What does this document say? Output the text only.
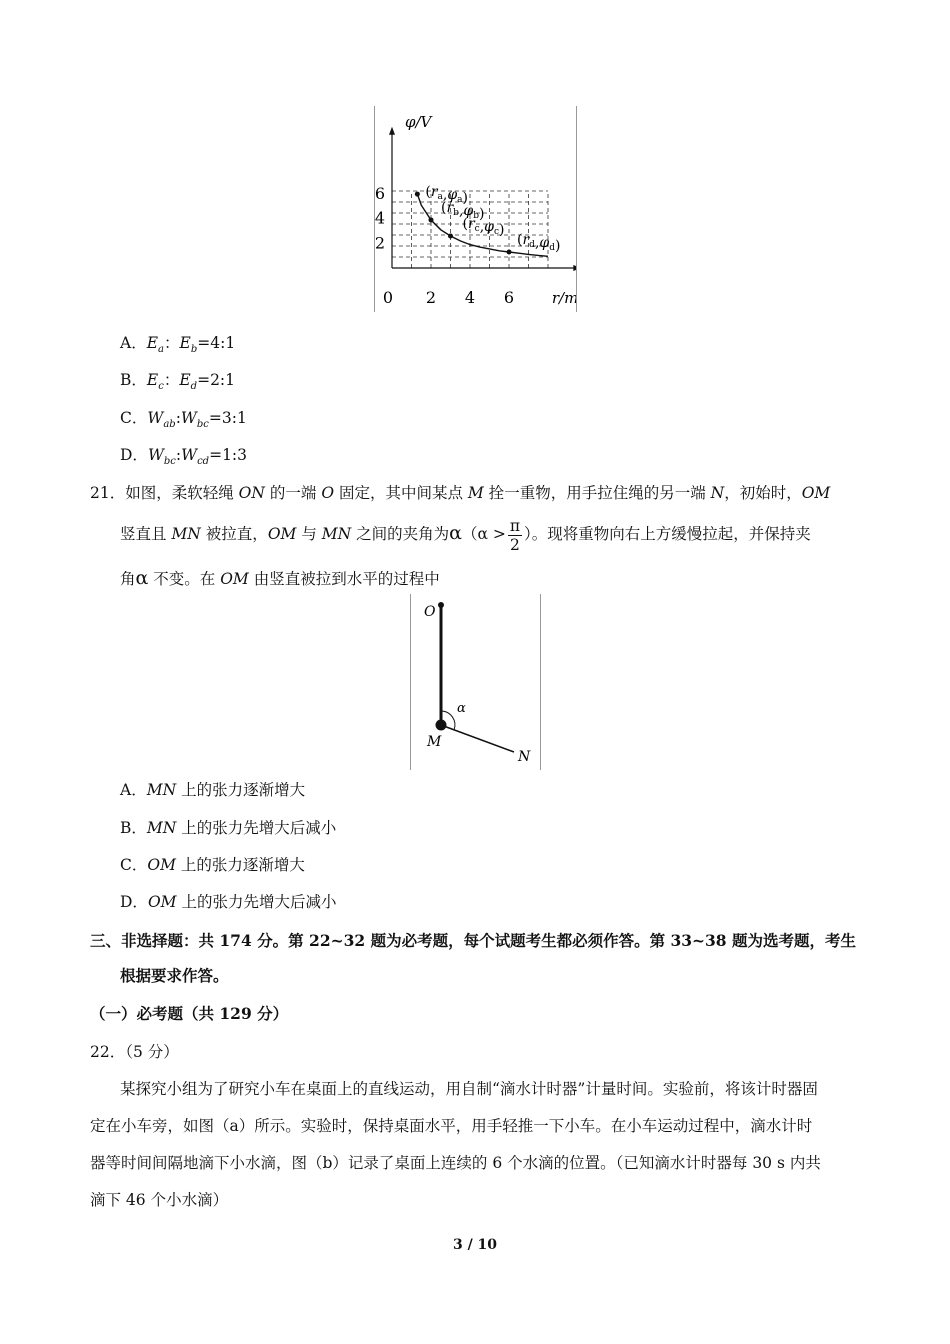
0 2 4 6
6
4
2
r/m
φ/V
$(r_a,\varphi_a)$
$(r_b,\varphi_b)$
$(r_c,\varphi_c)$
$(r_d,\varphi_d)$
A．$E_a$：$E_b=4:1$
B．$E_c$：$E_d=2:1$
C．$W_{ab}:W_{bc}=3:1$
D．$W_{bc}:W_{cd}=1:3$
21．如图，柔软轻绳 ON 的一端 O 固定，其中间某点 M 拴一重物，用手拉住绳的另一端 N，初始时，OM
竖直且 MN 被拉直，OM 与 MN 之间的夹角为$\alpha(\alpha > \frac{\pi}{2}$ ）。现将重物向右上方缓慢拉起，并保持夹
角α 不变。在 OM 由竖直被拉到水平的过程中
O
α
M
N
A．MN 上的张力逐渐增大
B．MN 上的张力先增大后减小
C．OM 上的张力逐渐增大
D．OM 上的张力先增大后减小
三、非选择题：共 174 分。第 22~32 题为必考题，每个试题考生都必须作答。第 33~38 题为选考题，考生
根据要求作答。
（一）必考题（共 129 分）
22．（5 分）
某探究小组为了研究小车在桌面上的直线运动，用自制“滴水计时器”计量时间。实验前，将该计时器固
定在小车旁，如图（a）所示。实验时，保持桌面水平，用手轻推一下小车。在小车运动过程中，滴水计时
器等时间间隔地滴下小水滴，图（b）记录了桌面上连续的 6 个水滴的位置。（已知滴水计时器每 30 s 内共
滴下 46 个小水滴）
3 / 10
